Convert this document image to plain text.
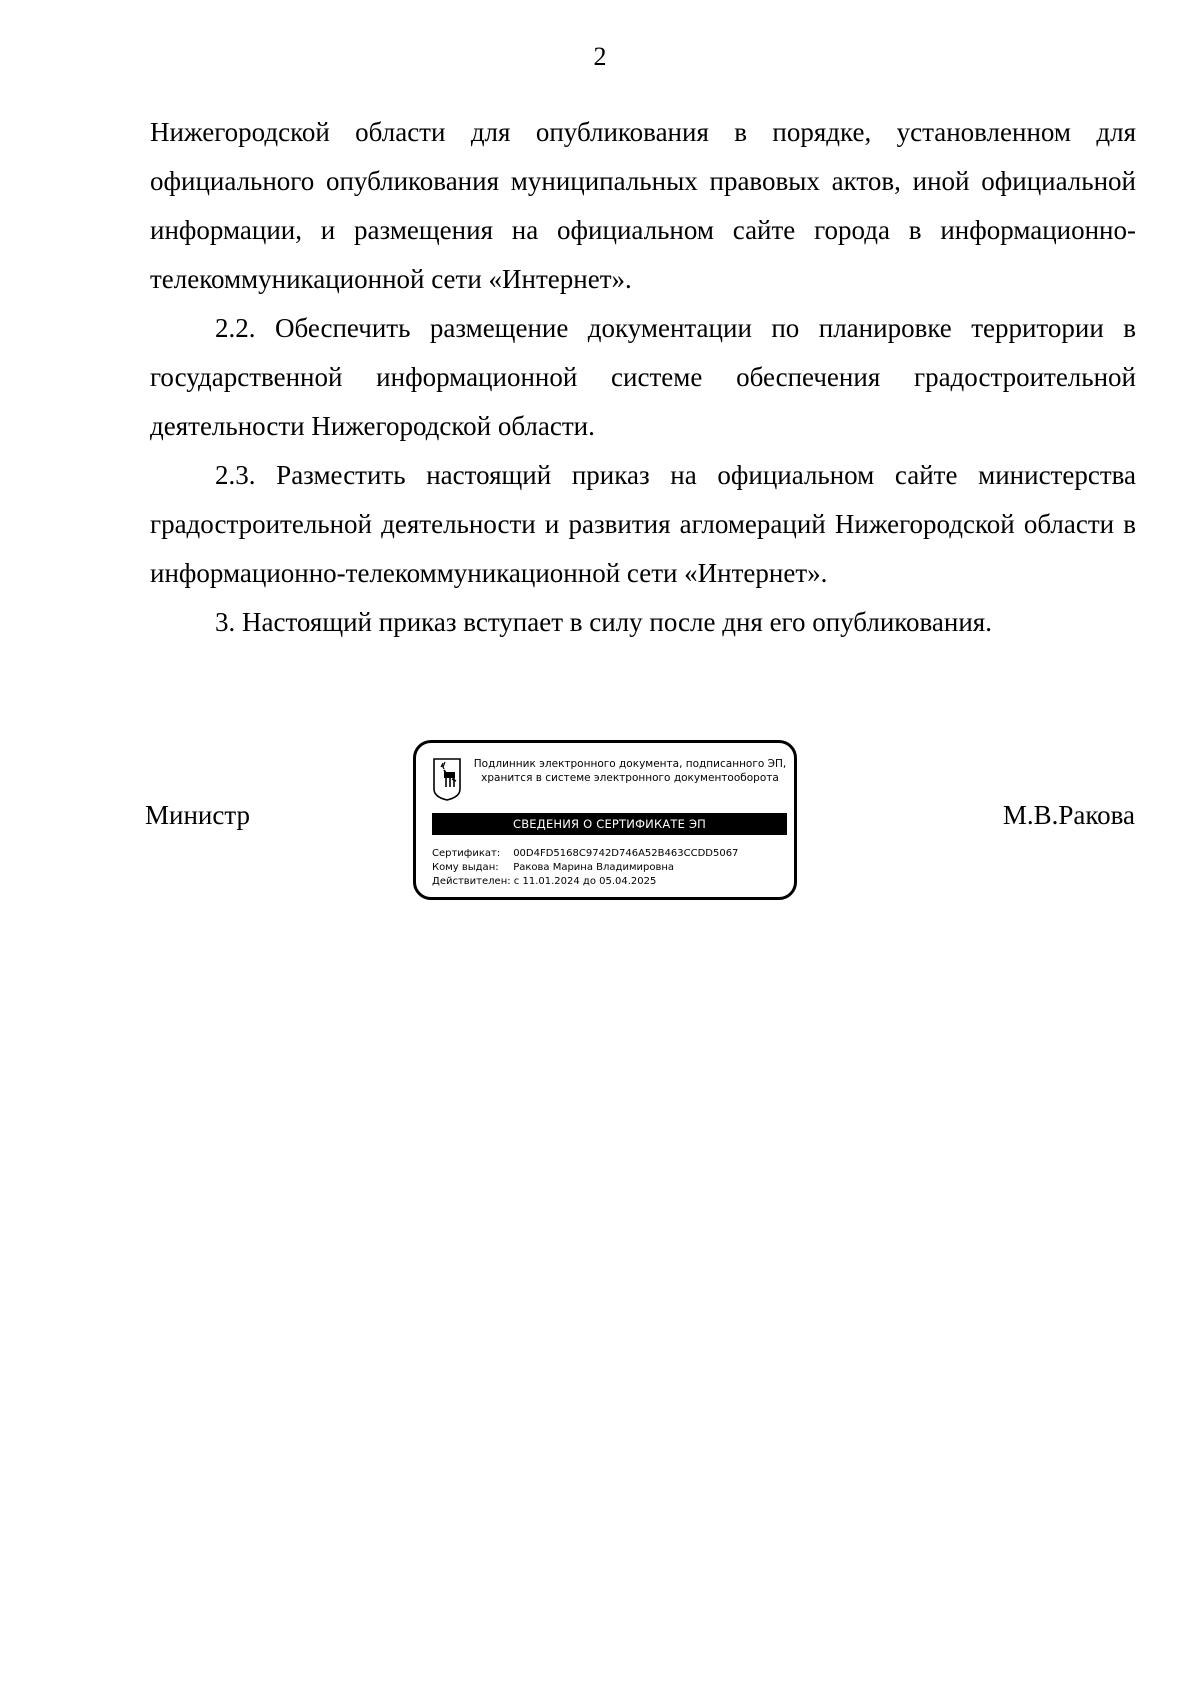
2

Нижегородской области для опубликования в порядке, установленном для официального опубликования муниципальных правовых актов, иной официальной информации, и размещения на официальном сайте города в информационно-телекоммуникационной сети «Интернет».

2.2. Обеспечить размещение документации по планировке территории в государственной информационной системе обеспечения градостроительной деятельности Нижегородской области.

2.3. Разместить настоящий приказ на официальном сайте министерства градостроительной деятельности и развития агломераций Нижегородской области в информационно-телекоммуникационной сети «Интернет».

3. Настоящий приказ вступает в силу после дня его опубликования.

Министр
Подлинник электронного документа, подписанного ЭП,
хранится в системе электронного документооборота
СВЕДЕНИЯ О СЕРТИФИКАТЕ ЭП
Сертификат: 00D4FD5168C9742D746A52B463CCDD5067
Кому выдан: Ракова Марина Владимировна
Действителен: с 11.01.2024 до 05.04.2025
М.В.Ракова
